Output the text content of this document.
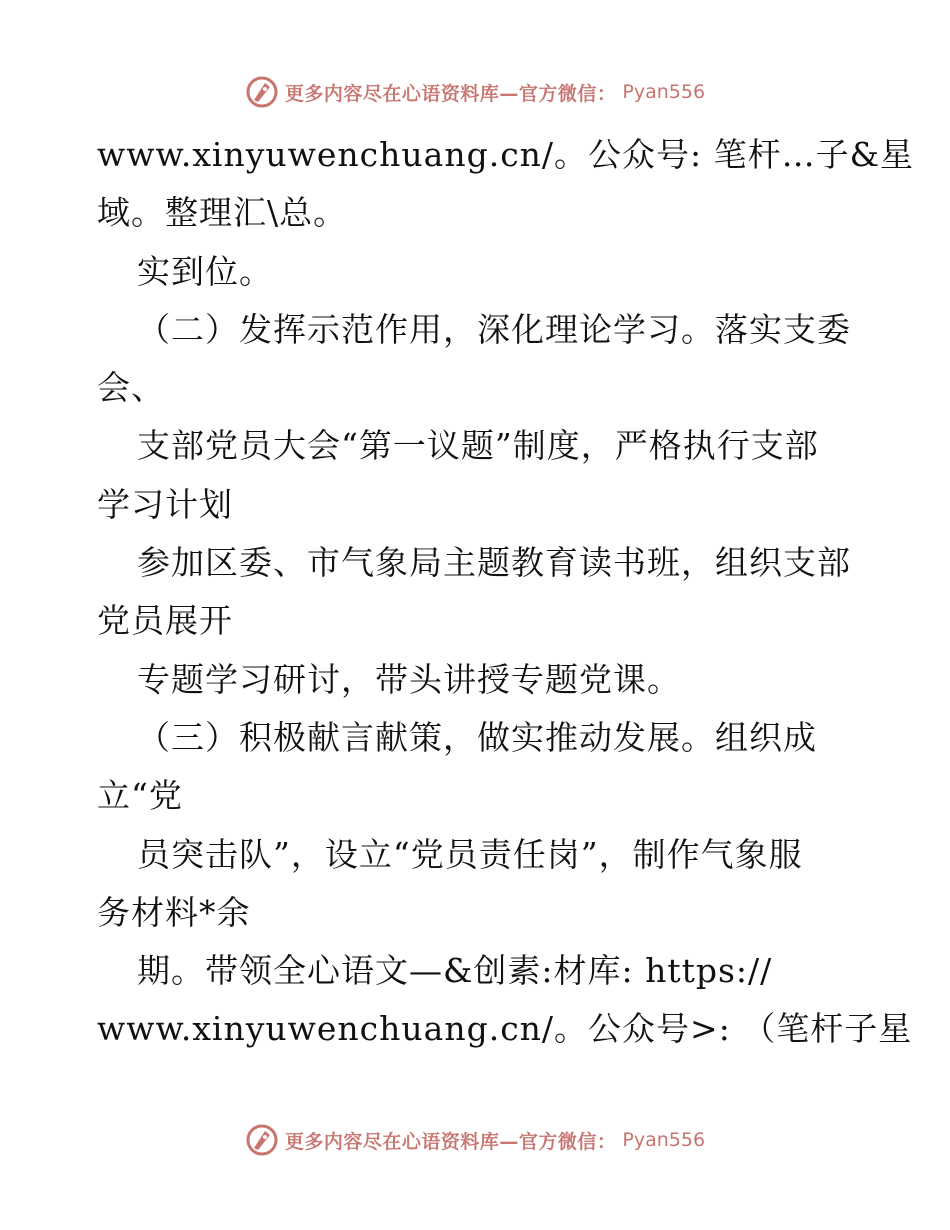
更多内容尽在心语资料库—官方微信： Pyan556
www.xinyuwenchuang.cn/。公众号: 笔杆…子&星
域。整理汇\总。
实到位。
（二）发挥示范作用，深化理论学习。落实支委
会、
支部党员大会“第一议题”制度，严格执行支部
学习计划
参加区委、市气象局主题教育读书班，组织支部
党员展开
专题学习研讨，带头讲授专题党课。
（三）积极献言献策，做实推动发展。组织成
立“党
员突击队”，设立“党员责任岗”，制作气象服
务材料*余
期。带领全心语文—&创素:材库: https://
www.xinyuwenchuang.cn/。公众号>: （笔杆子星
更多内容尽在心语资料库—官方微信： Pyan556
